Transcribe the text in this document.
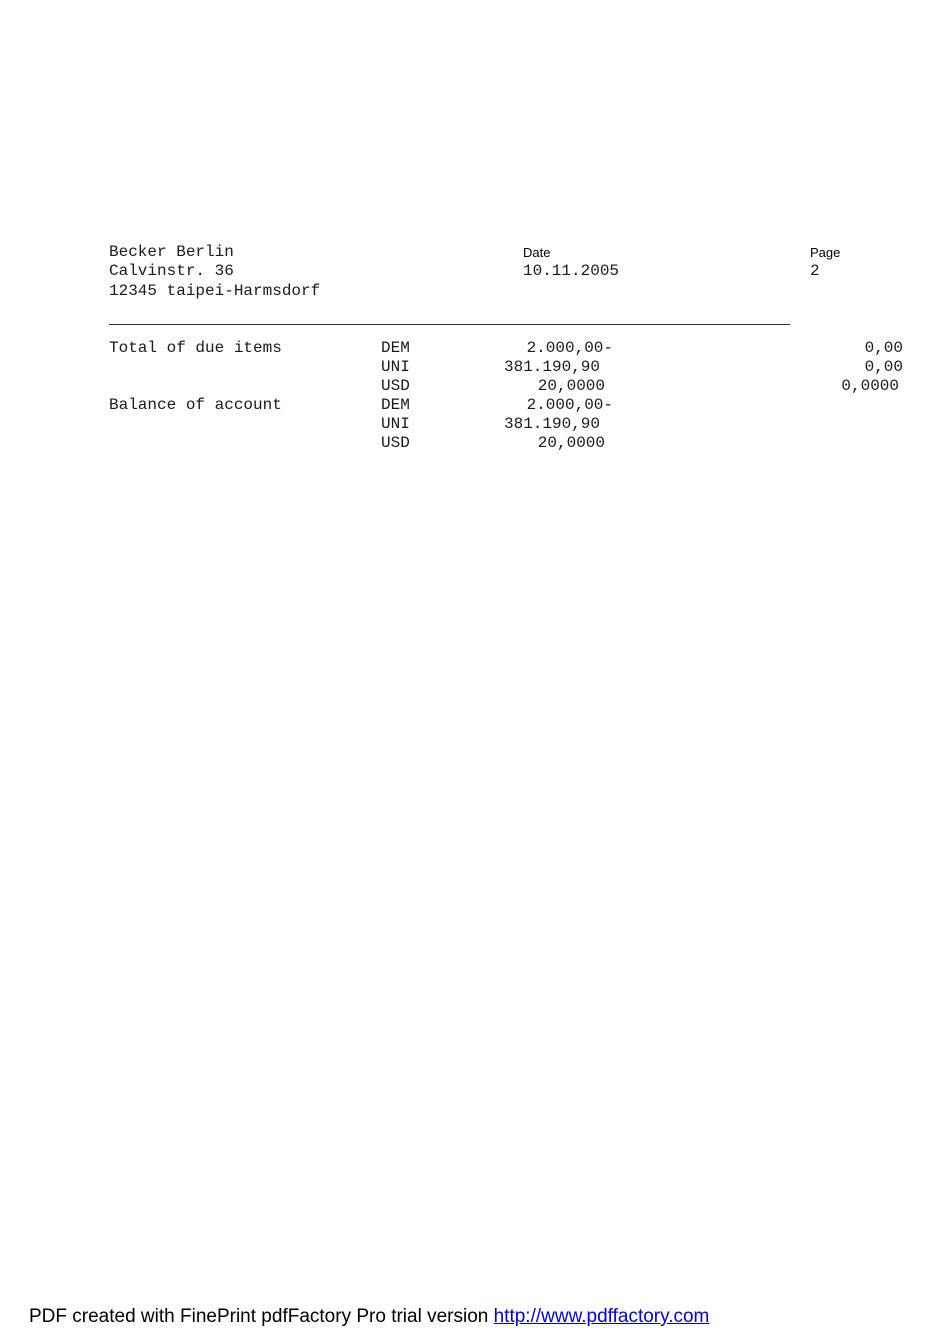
Becker Berlin
Calvinstr. 36
12345 taipei-Harmsdorf
Date
10.11.2005
Page
2
Total of due items	DEM	2.000,00-	0,00
UNI	381.190,90	0,00
USD	20,0000	0,0000
Balance of account	DEM	2.000,00-
UNI	381.190,90
USD	20,0000
PDF created with FinePrint pdfFactory Pro trial version http://www.pdffactory.com
